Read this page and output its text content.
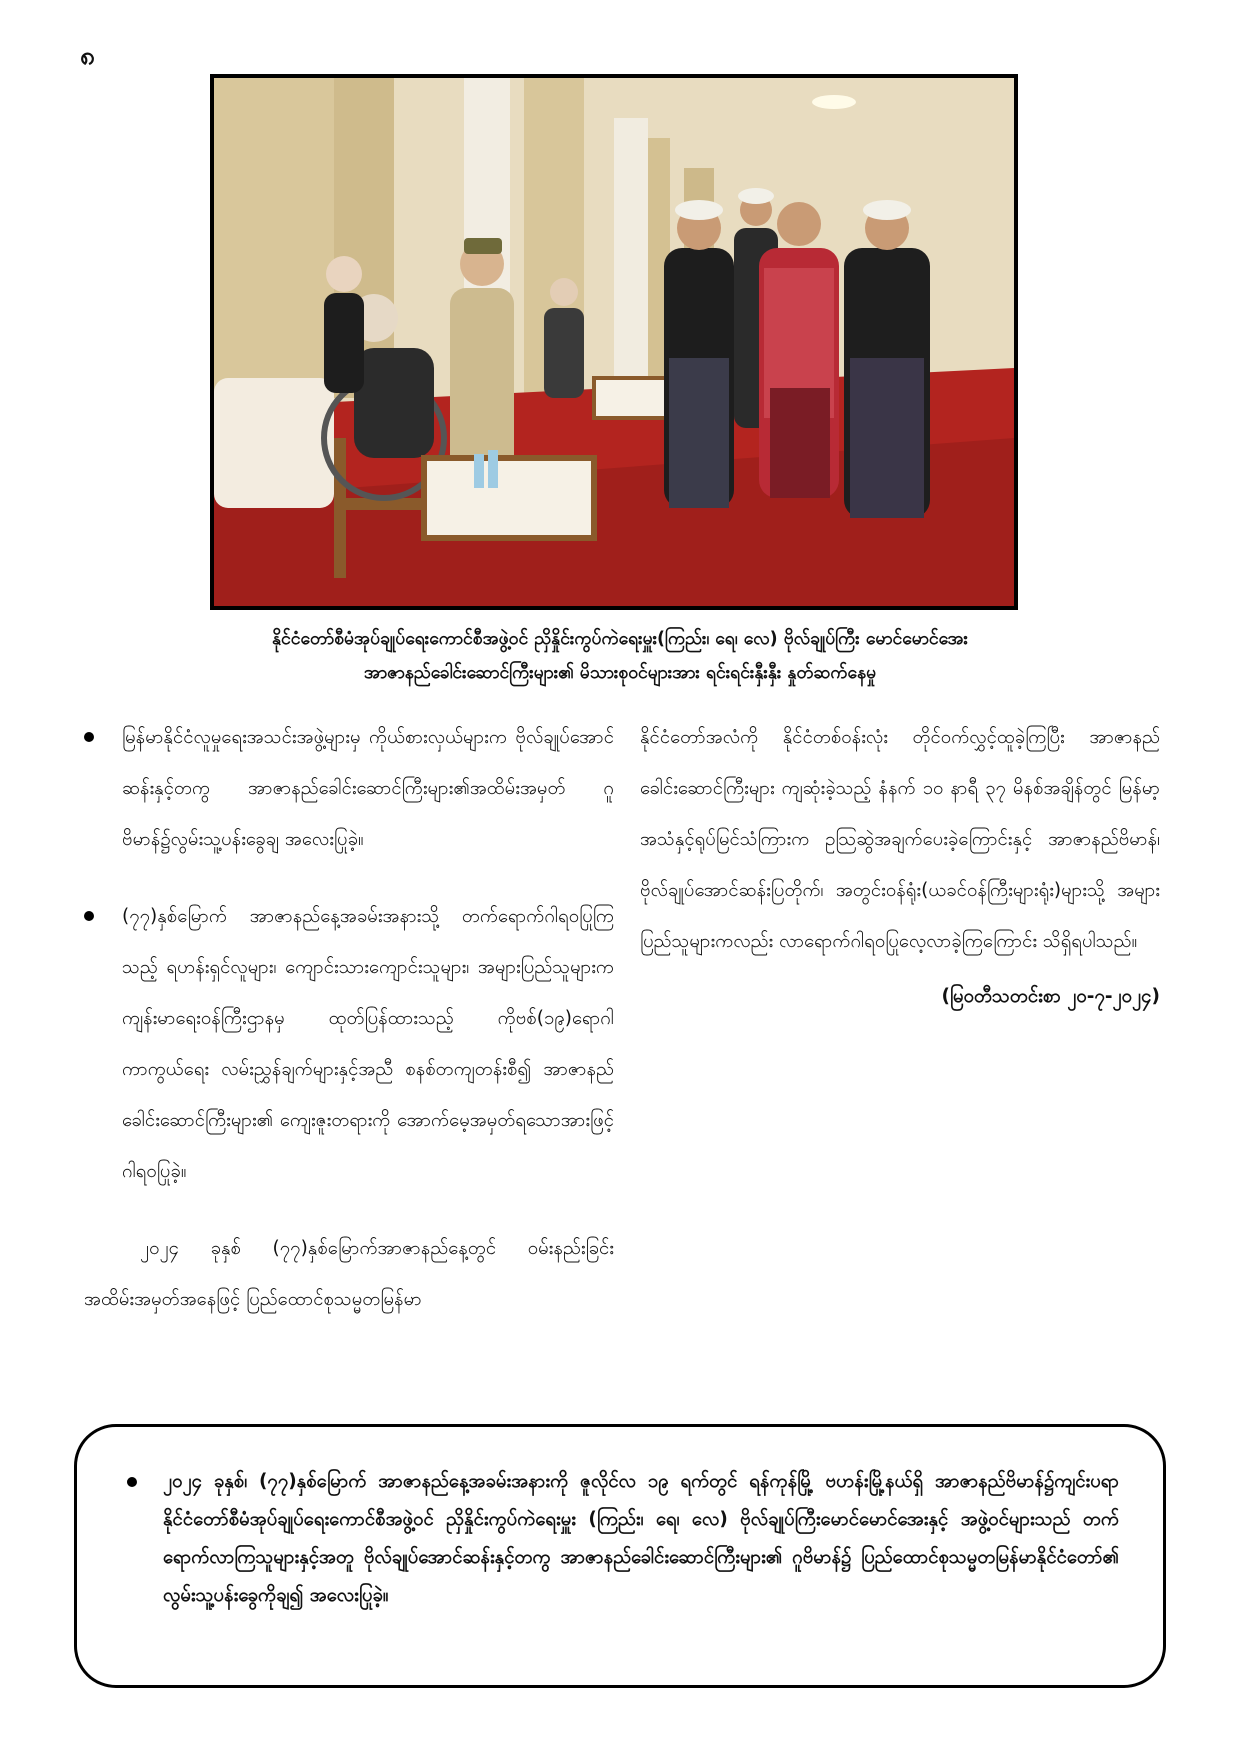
၈
နိုင်ငံတော်စီမံအုပ်ချုပ်ရေးကောင်စီအဖွဲ့ဝင် ညှိနှိုင်းကွပ်ကဲရေးမှူး(ကြည်း၊ ရေ၊ လေ) ဗိုလ်ချုပ်ကြီး မောင်မောင်အေး
အာဇာနည်ခေါင်းဆောင်ကြီးများ၏ မိသားစုဝင်များအား ရင်းရင်းနှီးနှီး နှုတ်ဆက်နေမှု
မြန်မာနိုင်ငံလူမှုရေးအသင်းအဖွဲ့များမှ ကိုယ်စားလှယ်များက ဗိုလ်ချုပ်အောင်ဆန်းနှင့်တကွ အာဇာနည်ခေါင်းဆောင်ကြီးများ၏အထိမ်းအမှတ် ဂူဗိမာန်၌လွမ်းသူ့ပန်းခွေချ အလေးပြုခဲ့။
(၇၇)နှစ်မြောက် အာဇာနည်နေ့အခမ်းအနားသို့ တက်ရောက်ဂါရဝပြုကြသည့် ရဟန်းရှင်လူများ၊ ကျောင်းသားကျောင်းသူများ၊ အများပြည်သူများက ကျန်းမာရေးဝန်ကြီးဌာနမှ ထုတ်ပြန်ထားသည့် ကိုဗစ်(၁၉)ရောဂါကာကွယ်ရေး လမ်းညွှန်ချက်များနှင့်အညီ စနစ်တကျတန်းစီ၍ အာဇာနည်ခေါင်းဆောင်ကြီးများ၏ ကျေးဇူးတရားကို အောက်မေ့အမှတ်ရသောအားဖြင့် ဂါရဝပြုခဲ့။

၂၀၂၄ ခုနှစ် (၇၇)နှစ်မြောက်အာဇာနည်နေ့တွင် ဝမ်းနည်းခြင်းအထိမ်းအမှတ်အနေဖြင့် ပြည်ထောင်စုသမ္မတမြန်မာ

နိုင်ငံတော်အလံကို နိုင်ငံတစ်ဝန်းလုံး တိုင်ဝက်လွှင့်ထူခဲ့ကြပြီး အာဇာနည်ခေါင်းဆောင်ကြီးများ ကျဆုံးခဲ့သည့် နံနက် ၁၀ နာရီ ၃၇ မိနစ်အချိန်တွင် မြန်မာ့အသံနှင့်ရုပ်မြင်သံကြားက ဥဩဆွဲအချက်ပေးခဲ့ကြောင်းနှင့် အာဇာနည်ဗိမာန်၊ ဗိုလ်ချုပ်အောင်ဆန်းပြတိုက်၊ အတွင်းဝန်ရုံး(ယခင်ဝန်ကြီးများရုံး)များသို့ အများပြည်သူများကလည်း လာရောက်ဂါရဝပြုလေ့လာခဲ့ကြကြောင်း သိရှိရပါသည်။

(မြဝတီသတင်းစာ ၂၀-၇-၂၀၂၄)
၂၀၂၄ ခုနှစ်၊ (၇၇)နှစ်မြောက် အာဇာနည်နေ့အခမ်းအနားကို ဇူလိုင်လ ၁၉ ရက်တွင် ရန်ကုန်မြို့ ဗဟန်းမြို့နယ်ရှိ အာဇာနည်ဗိမာန်၌ကျင်းပရာ နိုင်ငံတော်စီမံအုပ်ချုပ်ရေးကောင်စီအဖွဲ့ဝင် ညှိနှိုင်းကွပ်ကဲရေးမှူး (ကြည်း၊ ရေ၊ လေ) ဗိုလ်ချုပ်ကြီးမောင်မောင်အေးနှင့် အဖွဲ့ဝင်များသည် တက်ရောက်လာကြသူများနှင့်အတူ ဗိုလ်ချုပ်အောင်ဆန်းနှင့်တကွ အာဇာနည်ခေါင်းဆောင်ကြီးများ၏ ဂူဗိမာန်၌ ပြည်ထောင်စုသမ္မတမြန်မာနိုင်ငံတော်၏ လွမ်းသူ့ပန်းခွေကိုချ၍ အလေးပြုခဲ့။
